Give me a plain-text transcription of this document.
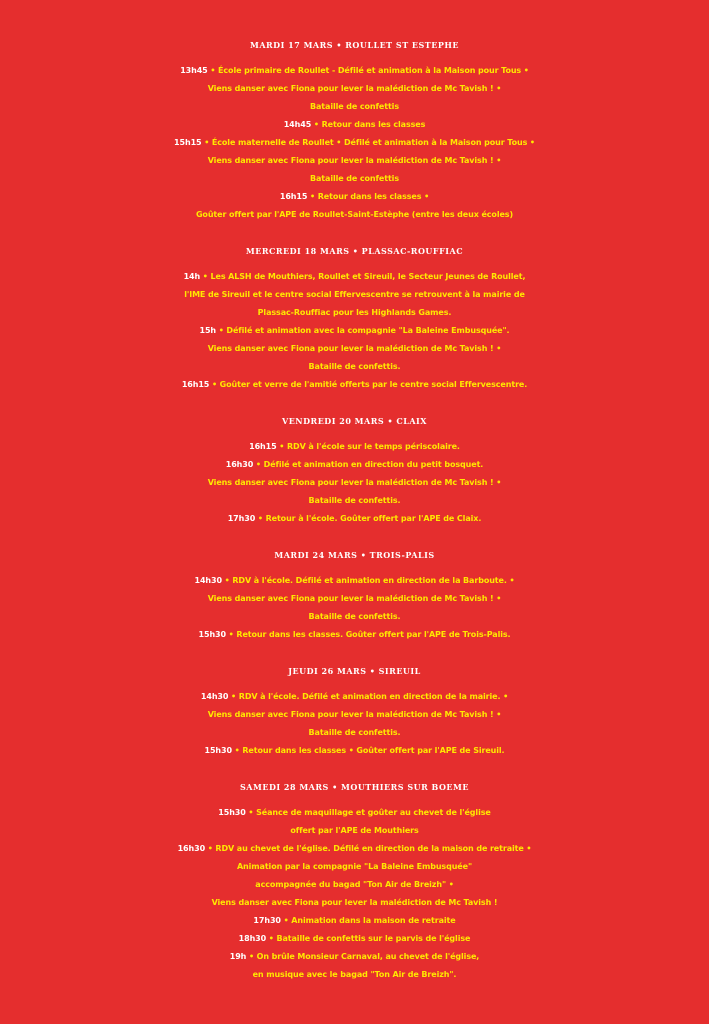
MARDI 17 MARS • ROULLET ST ESTEPHE
13h45 • École primaire de Roullet - Défilé et animation à la Maison pour Tous •
Viens danser avec Fiona pour lever la malédiction de Mc Tavish ! •
Bataille de confettis
14h45 • Retour dans les classes
15h15 • École maternelle de Roullet • Défilé et animation à la Maison pour Tous •
Viens danser avec Fiona pour lever la malédiction de Mc Tavish ! •
Bataille de confettis
16h15 • Retour dans les classes •
Goûter offert par l'APE de Roullet-Saint-Estèphe (entre les deux écoles)
MERCREDI 18 MARS • PLASSAC-ROUFFIAC
14h • Les ALSH de Mouthiers, Roullet et Sireuil, le Secteur Jeunes de Roullet,
l'IME de Sireuil et le centre social Effervescentre se retrouvent à la mairie de
Plassac-Rouffiac pour les Highlands Games.
15h • Défilé et animation avec la compagnie "La Baleine Embusquée".
Viens danser avec Fiona pour lever la malédiction de Mc Tavish ! •
Bataille de confettis.
16h15 • Goûter et verre de l'amitié offerts par le centre social Effervescentre.
VENDREDI 20 MARS • CLAIX
16h15 • RDV à l'école sur le temps périscolaire.
16h30 • Défilé et animation en direction du petit bosquet.
Viens danser avec Fiona pour lever la malédiction de Mc Tavish ! •
Bataille de confettis.
17h30 • Retour à l'école. Goûter offert par l'APE de Claix.
MARDI 24 MARS • TROIS-PALIS
14h30 • RDV à l'école. Défilé et animation en direction de la Barboute. •
Viens danser avec Fiona pour lever la malédiction de Mc Tavish ! •
Bataille de confettis.
15h30 • Retour dans les classes. Goûter offert par l'APE de Trois-Palis.
JEUDI 26 MARS • SIREUIL
14h30 • RDV à l'école. Défilé et animation en direction de la mairie. •
Viens danser avec Fiona pour lever la malédiction de Mc Tavish ! •
Bataille de confettis.
15h30 • Retour dans les classes • Goûter offert par l'APE de Sireuil.
SAMEDI 28 MARS • MOUTHIERS SUR BOEME
15h30 • Séance de maquillage et goûter au chevet de l'église
offert par l'APE de Mouthiers
16h30 • RDV au chevet de l'église. Défilé en direction de la maison de retraite •
Animation par la compagnie "La Baleine Embusquée"
accompagnée du bagad "Ton Air de Breizh" •
Viens danser avec Fiona pour lever la malédiction de Mc Tavish !
17h30 • Animation dans la maison de retraite
18h30 • Bataille de confettis sur le parvis de l'église
19h • On brûle Monsieur Carnaval, au chevet de l'église,
en musique avec le bagad "Ton Air de Breizh".
